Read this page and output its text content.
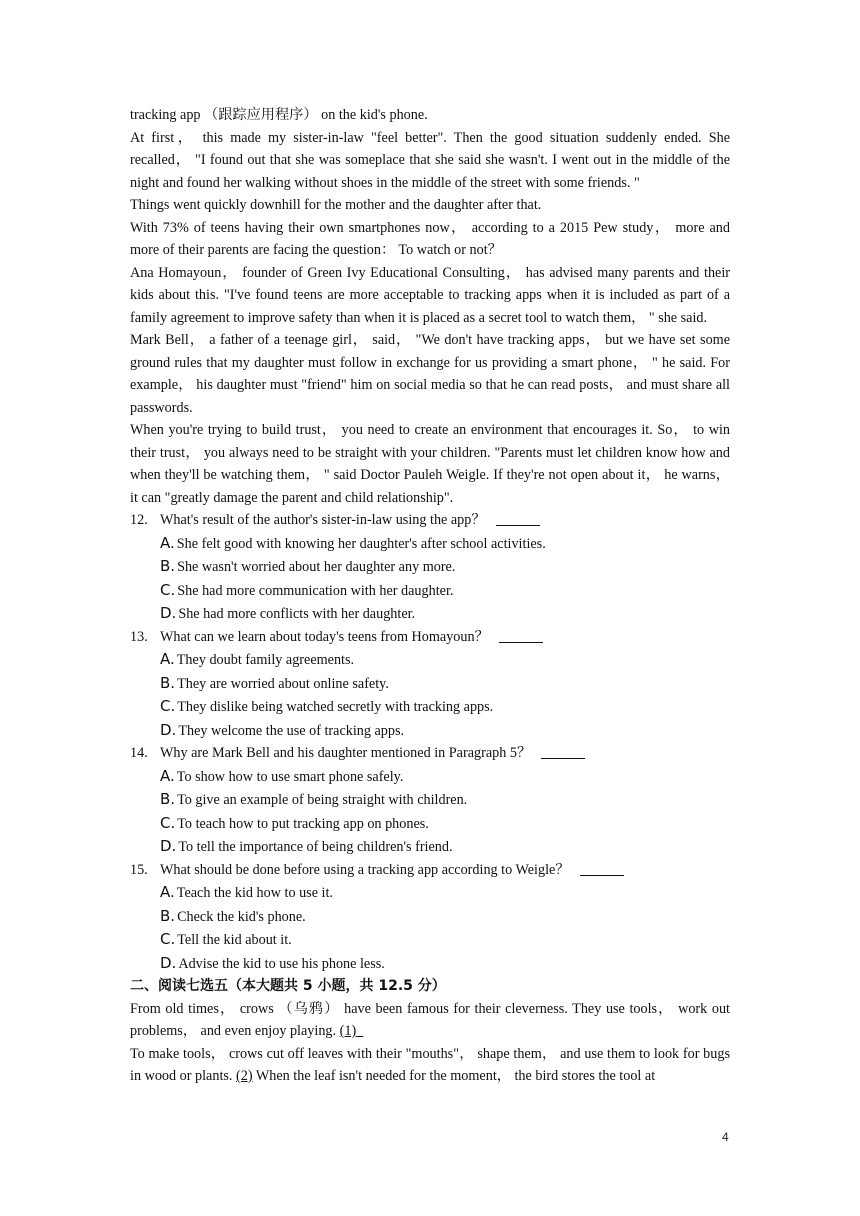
tracking app （跟踪应用程序） on the kid's phone.

At first， this made my sister-in-law "feel better". Then the good situation suddenly ended. She recalled， "I found out that she was someplace that she said she wasn't. I went out in the middle of the night and found her walking without shoes in the middle of the street with some friends. "

Things went quickly downhill for the mother and the daughter after that.

With 73% of teens having their own smartphones now， according to a 2015 Pew study， more and more of their parents are facing the question： To watch or not？

Ana Homayoun， founder of Green Ivy Educational Consulting， has advised many parents and their kids about this. "I've found teens are more acceptable to tracking apps when it is included as part of a family agreement to improve safety than when it is placed as a secret tool to watch them， " she said.

Mark Bell， a father of a teenage girl， said， "We don't have tracking apps， but we have set some ground rules that my daughter must follow in exchange for us providing a smart phone， " he said. For example， his daughter must "friend" him on social media so that he can read posts， and must share all passwords.

When you're trying to build trust， you need to create an environment that encourages it. So， to win their trust， you always need to be straight with your children. "Parents must let children know how and when they'll be watching them， " said Doctor Pauleh Weigle. If they're not open about it， he warns， it can "greatly damage the parent and child relationship".

12. What's result of the author's sister-in-law using the app？

A. She felt good with knowing her daughter's after school activities.

B. She wasn't worried about her daughter any more.

C. She had more communication with her daughter.

D. She had more conflicts with her daughter.

13. What can we learn about today's teens from Homayoun？

A. They doubt family agreements.

B. They are worried about online safety.

C. They dislike being watched secretly with tracking apps.

D. They welcome the use of tracking apps.

14. Why are Mark Bell and his daughter mentioned in Paragraph 5？

A. To show how to use smart phone safely.

B. To give an example of being straight with children.

C. To teach how to put tracking app on phones.

D. To tell the importance of being children's friend.

15. What should be done before using a tracking app according to Weigle？

A. Teach the kid how to use it.

B. Check the kid's phone.

C. Tell the kid about it.

D. Advise the kid to use his phone less.

二、阅读七选五（本大题共 5 小题，共 12.5 分）

From old times， crows （乌鸦） have been famous for their cleverness. They use tools， work out problems， and even enjoy playing. (1)

To make tools， crows cut off leaves with their "mouths"， shape them， and use them to look for bugs in wood or plants. (2) When the leaf isn't needed for the moment， the bird stores the tool at

4
